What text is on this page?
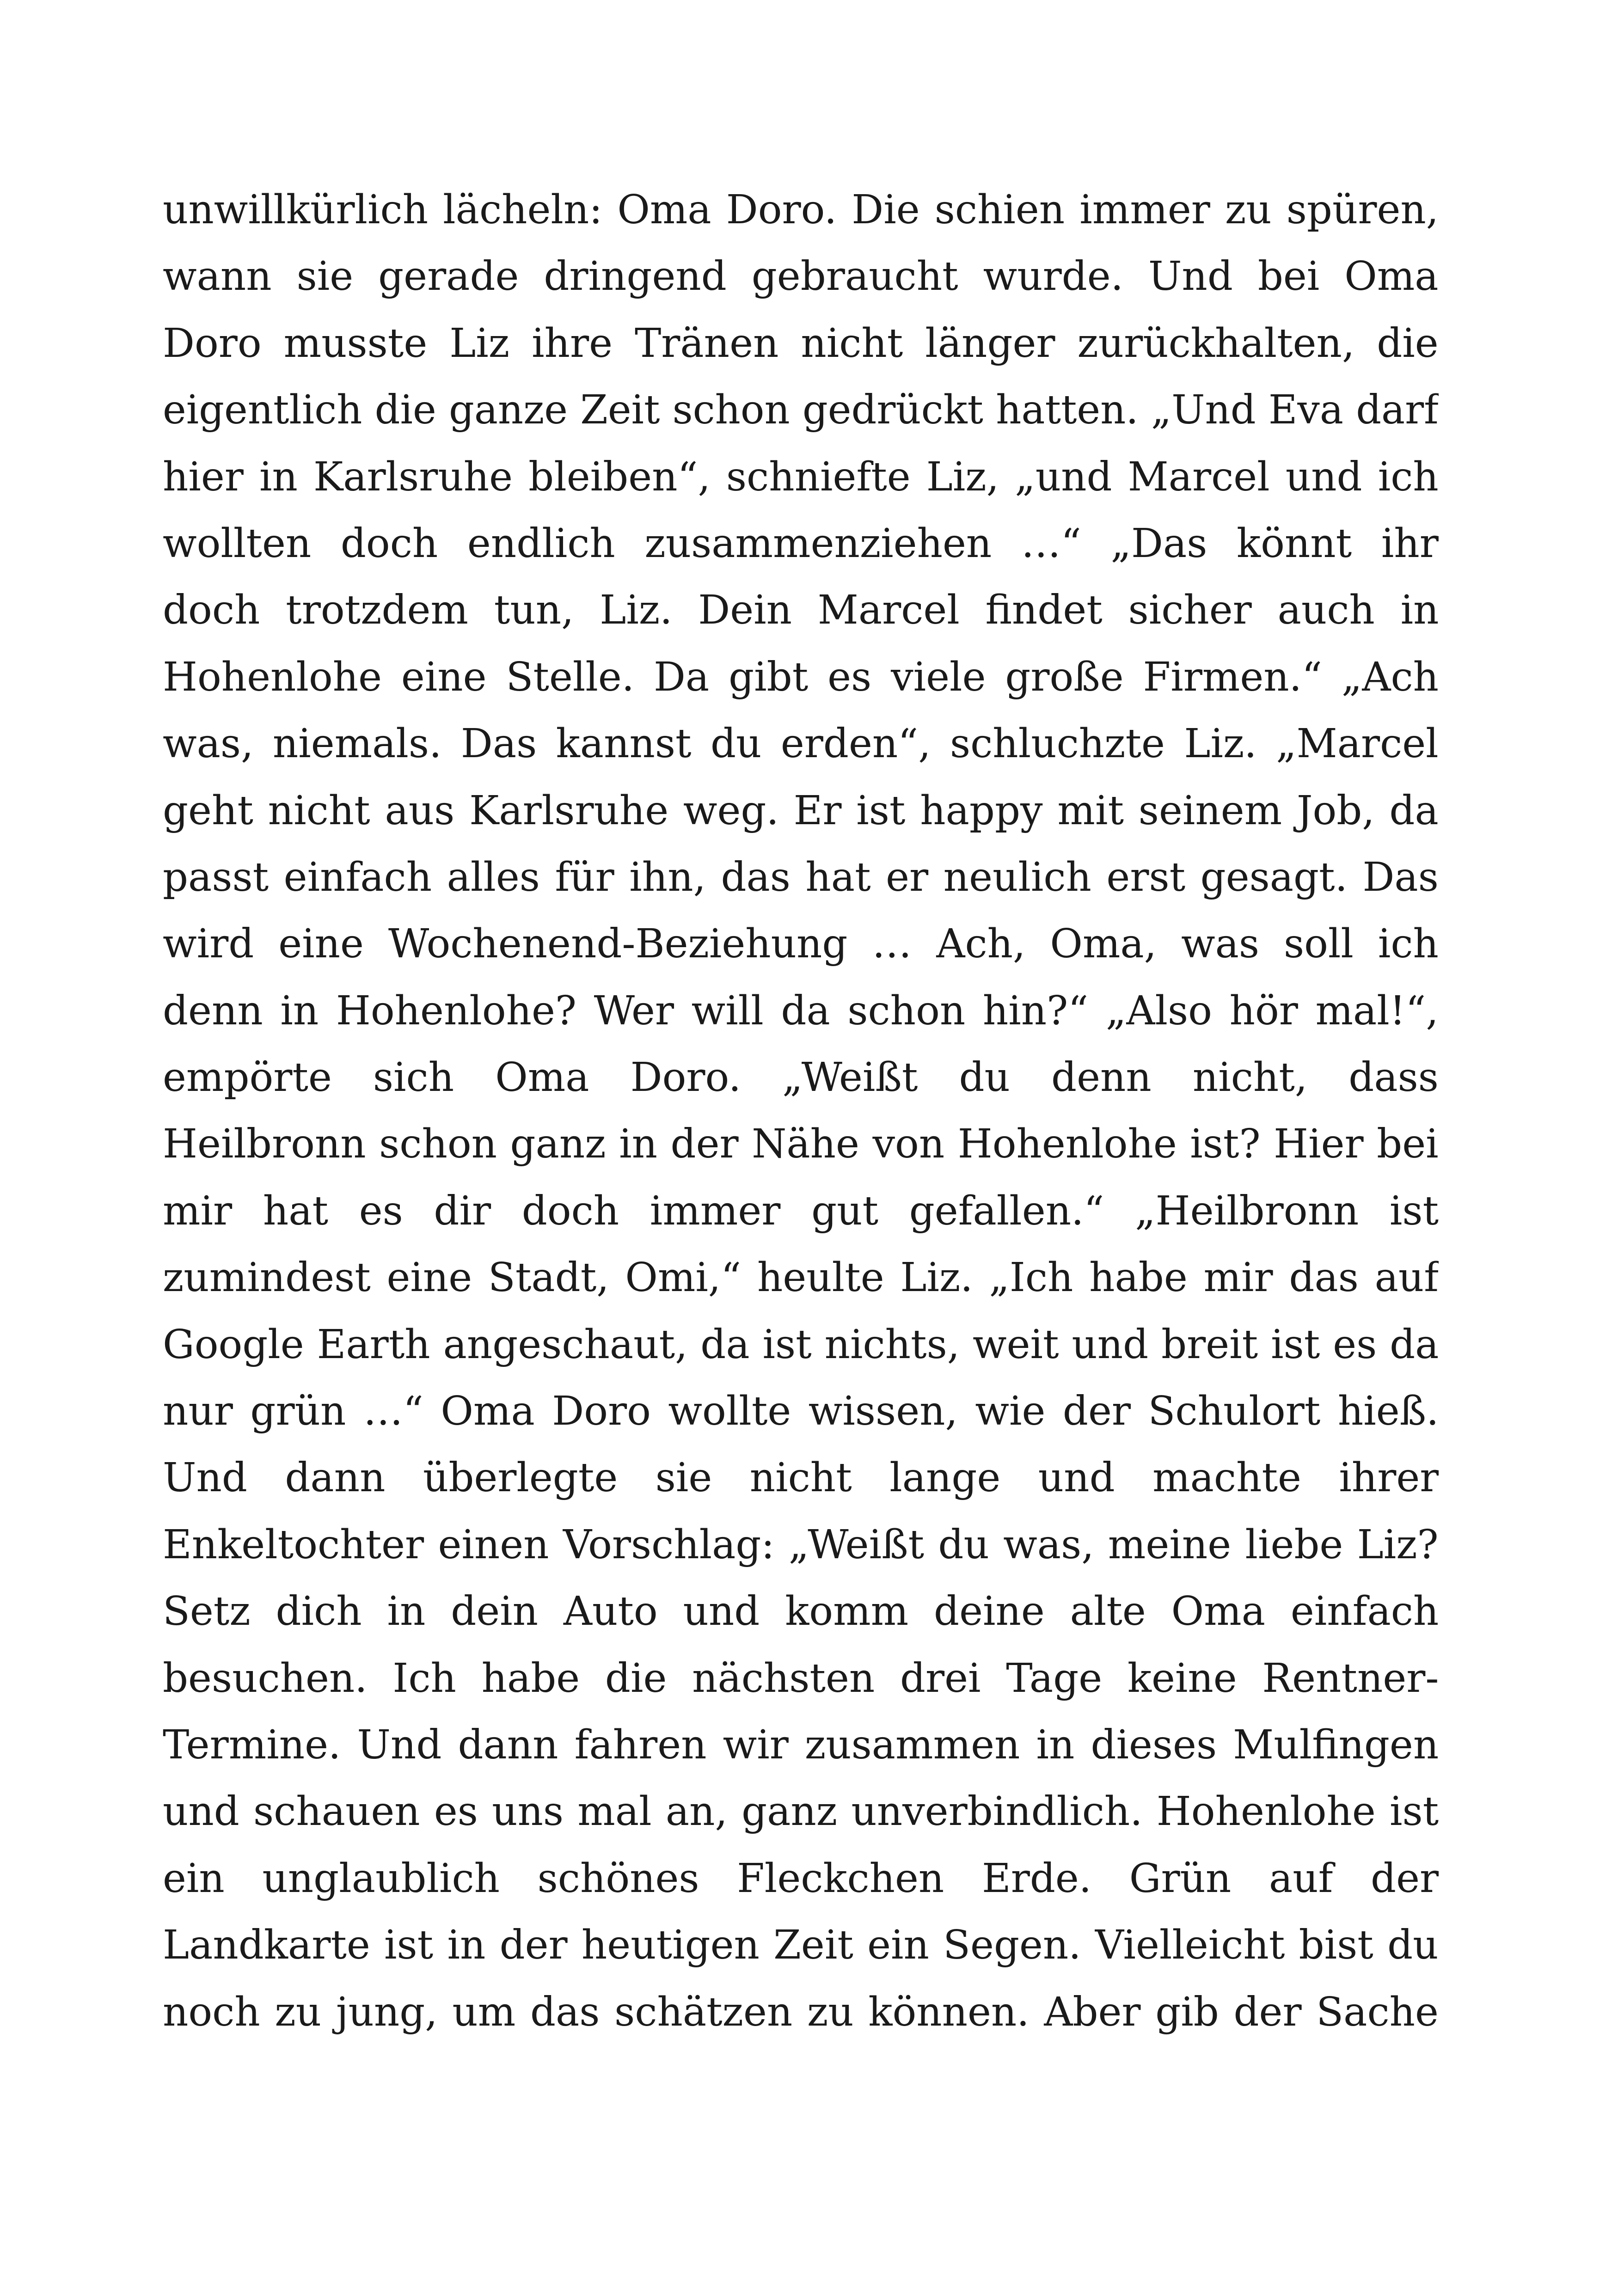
unwillkürlich lächeln: Oma Doro. Die schien immer zu spüren,
wann sie gerade dringend gebraucht wurde. Und bei Oma
Doro musste Liz ihre Tränen nicht länger zurückhalten, die
eigentlich die ganze Zeit schon gedrückt hatten. „Und Eva darf
hier in Karlsruhe bleiben“, schniefte Liz, „und Marcel und ich
wollten doch endlich zusammenziehen …“ „Das könnt ihr
doch trotzdem tun, Liz. Dein Marcel findet sicher auch in
Hohenlohe eine Stelle. Da gibt es viele große Firmen.“ „Ach
was, niemals. Das kannst du erden“, schluchzte Liz. „Marcel
geht nicht aus Karlsruhe weg. Er ist happy mit seinem Job, da
passt einfach alles für ihn, das hat er neulich erst gesagt. Das
wird eine Wochenend-Beziehung … Ach, Oma, was soll ich
denn in Hohenlohe? Wer will da schon hin?“ „Also hör mal!“,
empörte sich Oma Doro. „Weißt du denn nicht, dass
Heilbronn schon ganz in der Nähe von Hohenlohe ist? Hier bei
mir hat es dir doch immer gut gefallen.“ „Heilbronn ist
zumindest eine Stadt, Omi,“ heulte Liz. „Ich habe mir das auf
Google Earth angeschaut, da ist nichts, weit und breit ist es da
nur grün …“ Oma Doro wollte wissen, wie der Schulort hieß.
Und dann überlegte sie nicht lange und machte ihrer
Enkeltochter einen Vorschlag: „Weißt du was, meine liebe Liz?
Setz dich in dein Auto und komm deine alte Oma einfach
besuchen. Ich habe die nächsten drei Tage keine Rentner-
Termine. Und dann fahren wir zusammen in dieses Mulfingen
und schauen es uns mal an, ganz unverbindlich. Hohenlohe ist
ein unglaublich schönes Fleckchen Erde. Grün auf der
Landkarte ist in der heutigen Zeit ein Segen. Vielleicht bist du
noch zu jung, um das schätzen zu können. Aber gib der Sache
